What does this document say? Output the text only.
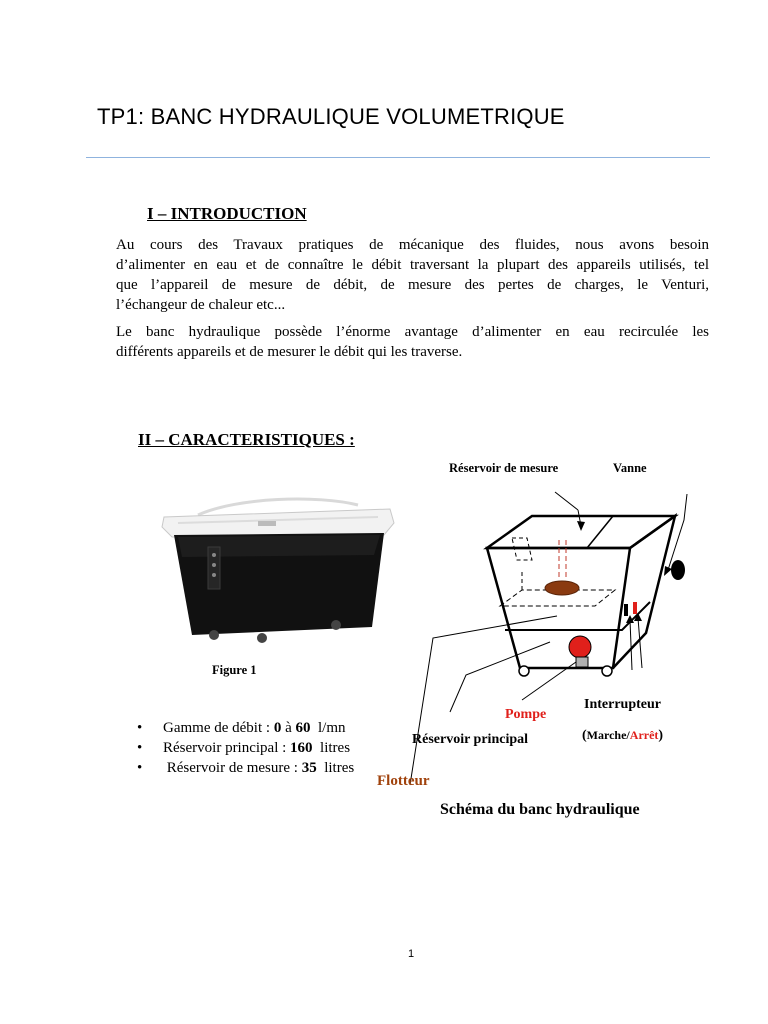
TP1: BANC HYDRAULIQUE VOLUMETRIQUE
I – INTRODUCTION
Au cours des Travaux pratiques de mécanique des fluides, nous avons besoin
d’alimenter en eau et de connaître le débit traversant la plupart des appareils utilisés, tel
que l’appareil de mesure de débit, de mesure des pertes de charges, le Venturi,
l’échangeur de chaleur etc...
Le banc hydraulique possède l’énorme avantage d’alimenter en eau recirculée les
différents appareils et de mesurer le débit qui les traverse.
II – CARACTERISTIQUES :
Figure 1
• Gamme de débit : 0 à 60  l/mn
• Réservoir principal : 160  litres
• Réservoir de mesure : 35  litres
Réservoir de mesure	Vanne
Interrupteur
Pompe
Réservoir principal	(Marche/Arrêt)
Flotteur
Schéma du banc hydraulique
1
